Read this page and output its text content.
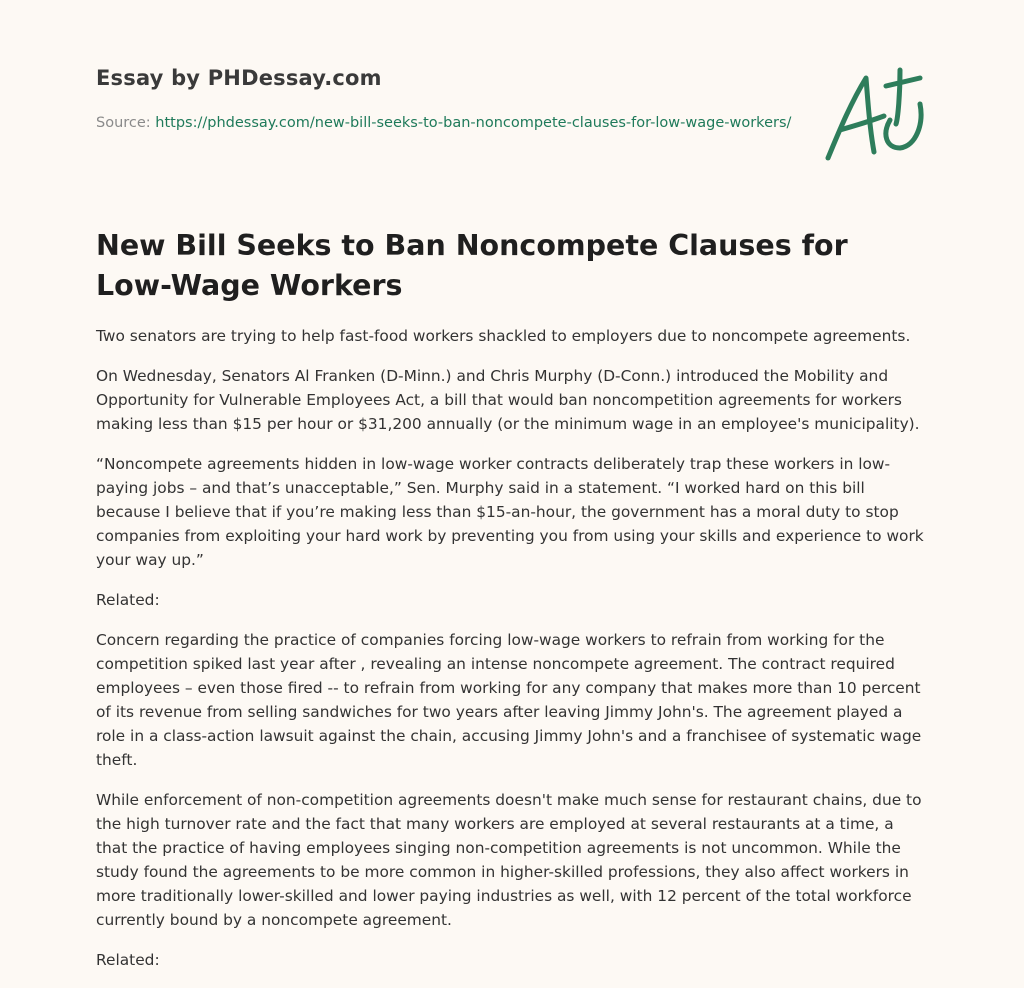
Essay by PHDessay.com
Source: https://phdessay.com/new-bill-seeks-to-ban-noncompete-clauses-for-low-wage-workers/
New Bill Seeks to Ban Noncompete Clauses for Low-Wage Workers

Two senators are trying to help fast-food workers shackled to employers due to noncompete agreements.

On Wednesday, Senators Al Franken (D-Minn.) and Chris Murphy (D-Conn.) introduced the Mobility and Opportunity for Vulnerable Employees Act, a bill that would ban noncompetition agreements for workers making less than $15 per hour or $31,200 annually (or the minimum wage in an employee's municipality).

“Noncompete agreements hidden in low-wage worker contracts deliberately trap these workers in low-paying jobs – and that’s unacceptable,” Sen. Murphy said in a statement. “I worked hard on this bill because I believe that if you’re making less than $15-an-hour, the government has a moral duty to stop companies from exploiting your hard work by preventing you from using your skills and experience to work your way up.”

Related:

Concern regarding the practice of companies forcing low-wage workers to refrain from working for the competition spiked last year after , revealing an intense noncompete agreement. The contract required employees – even those fired -- to refrain from working for any company that makes more than 10 percent of its revenue from selling sandwiches for two years after leaving Jimmy John's. The agreement played a role in a class-action lawsuit against the chain, accusing Jimmy John's and a franchisee of systematic wage theft.

While enforcement of non-competition agreements doesn't make much sense for restaurant chains, due to the high turnover rate and the fact that many workers are employed at several restaurants at a time, a that the practice of having employees singing non-competition agreements is not uncommon. While the study found the agreements to be more common in higher-skilled professions, they also affect workers in more traditionally lower-skilled and lower paying industries as well, with 12 percent of the total workforce currently bound by a noncompete agreement.

Related:
